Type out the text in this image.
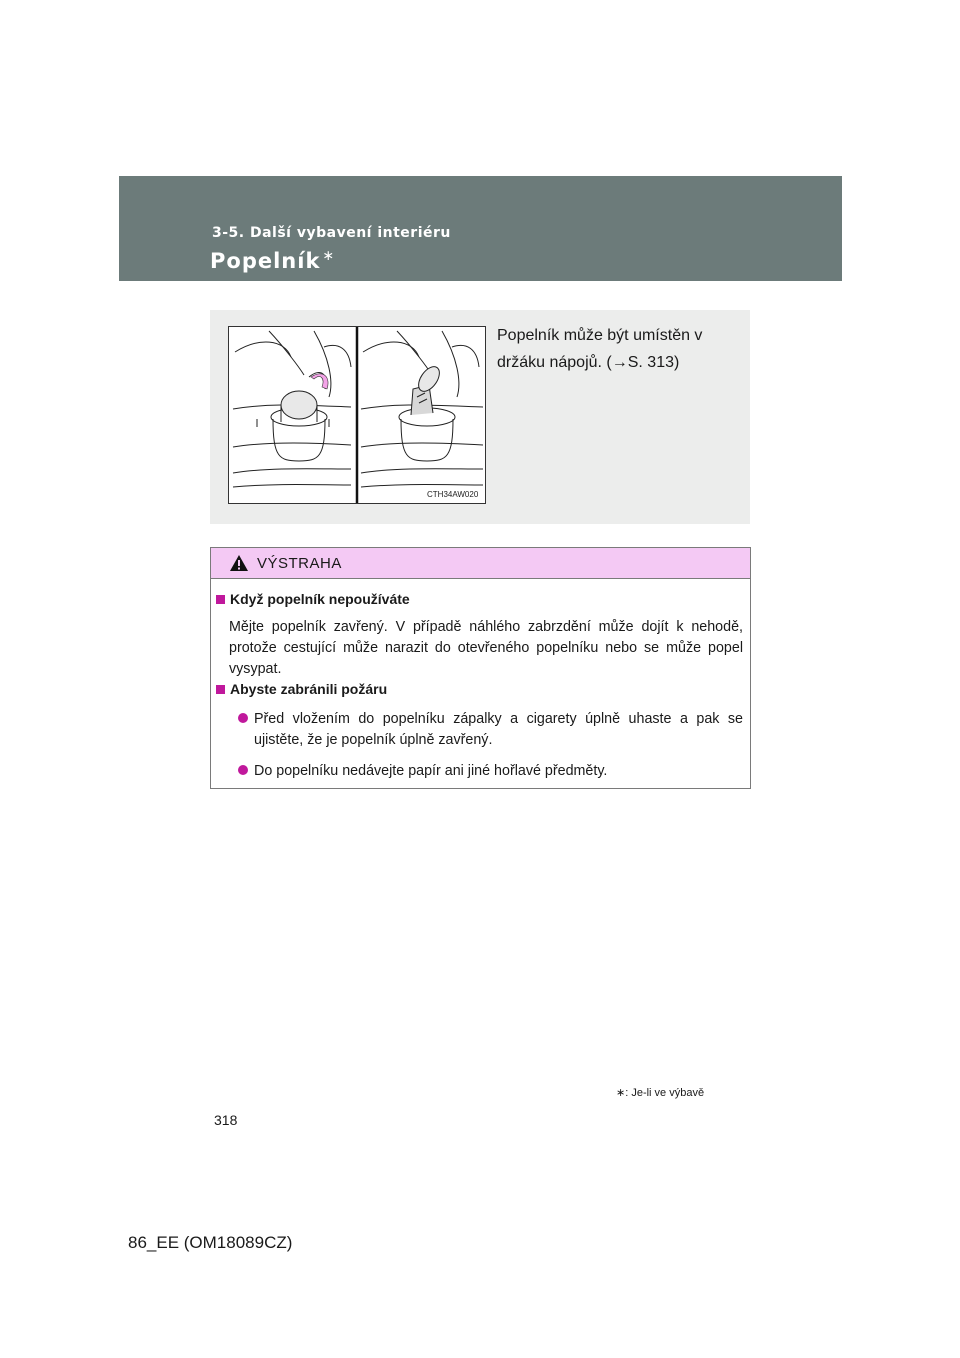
3-5. Další vybavení interiéru
Popelník ∗
CTH34AW020
Popelník může být umístěn v držáku nápojů. (→S. 313)
VÝSTRAHA
Když popelník nepoužíváte
Mějte popelník zavřený. V případě náhlého zabrzdění může dojít k nehodě, protože cestující může narazit do otevřeného popelníku nebo se může popel vysypat.
Abyste zabránili požáru
Před vložením do popelníku zápalky a cigarety úplně uhaste a pak se ujistěte, že je popelník úplně zavřený.
Do popelníku nedávejte papír ani jiné hořlavé předměty.
∗: Je-li ve výbavě
318
86_EE (OM18089CZ)
